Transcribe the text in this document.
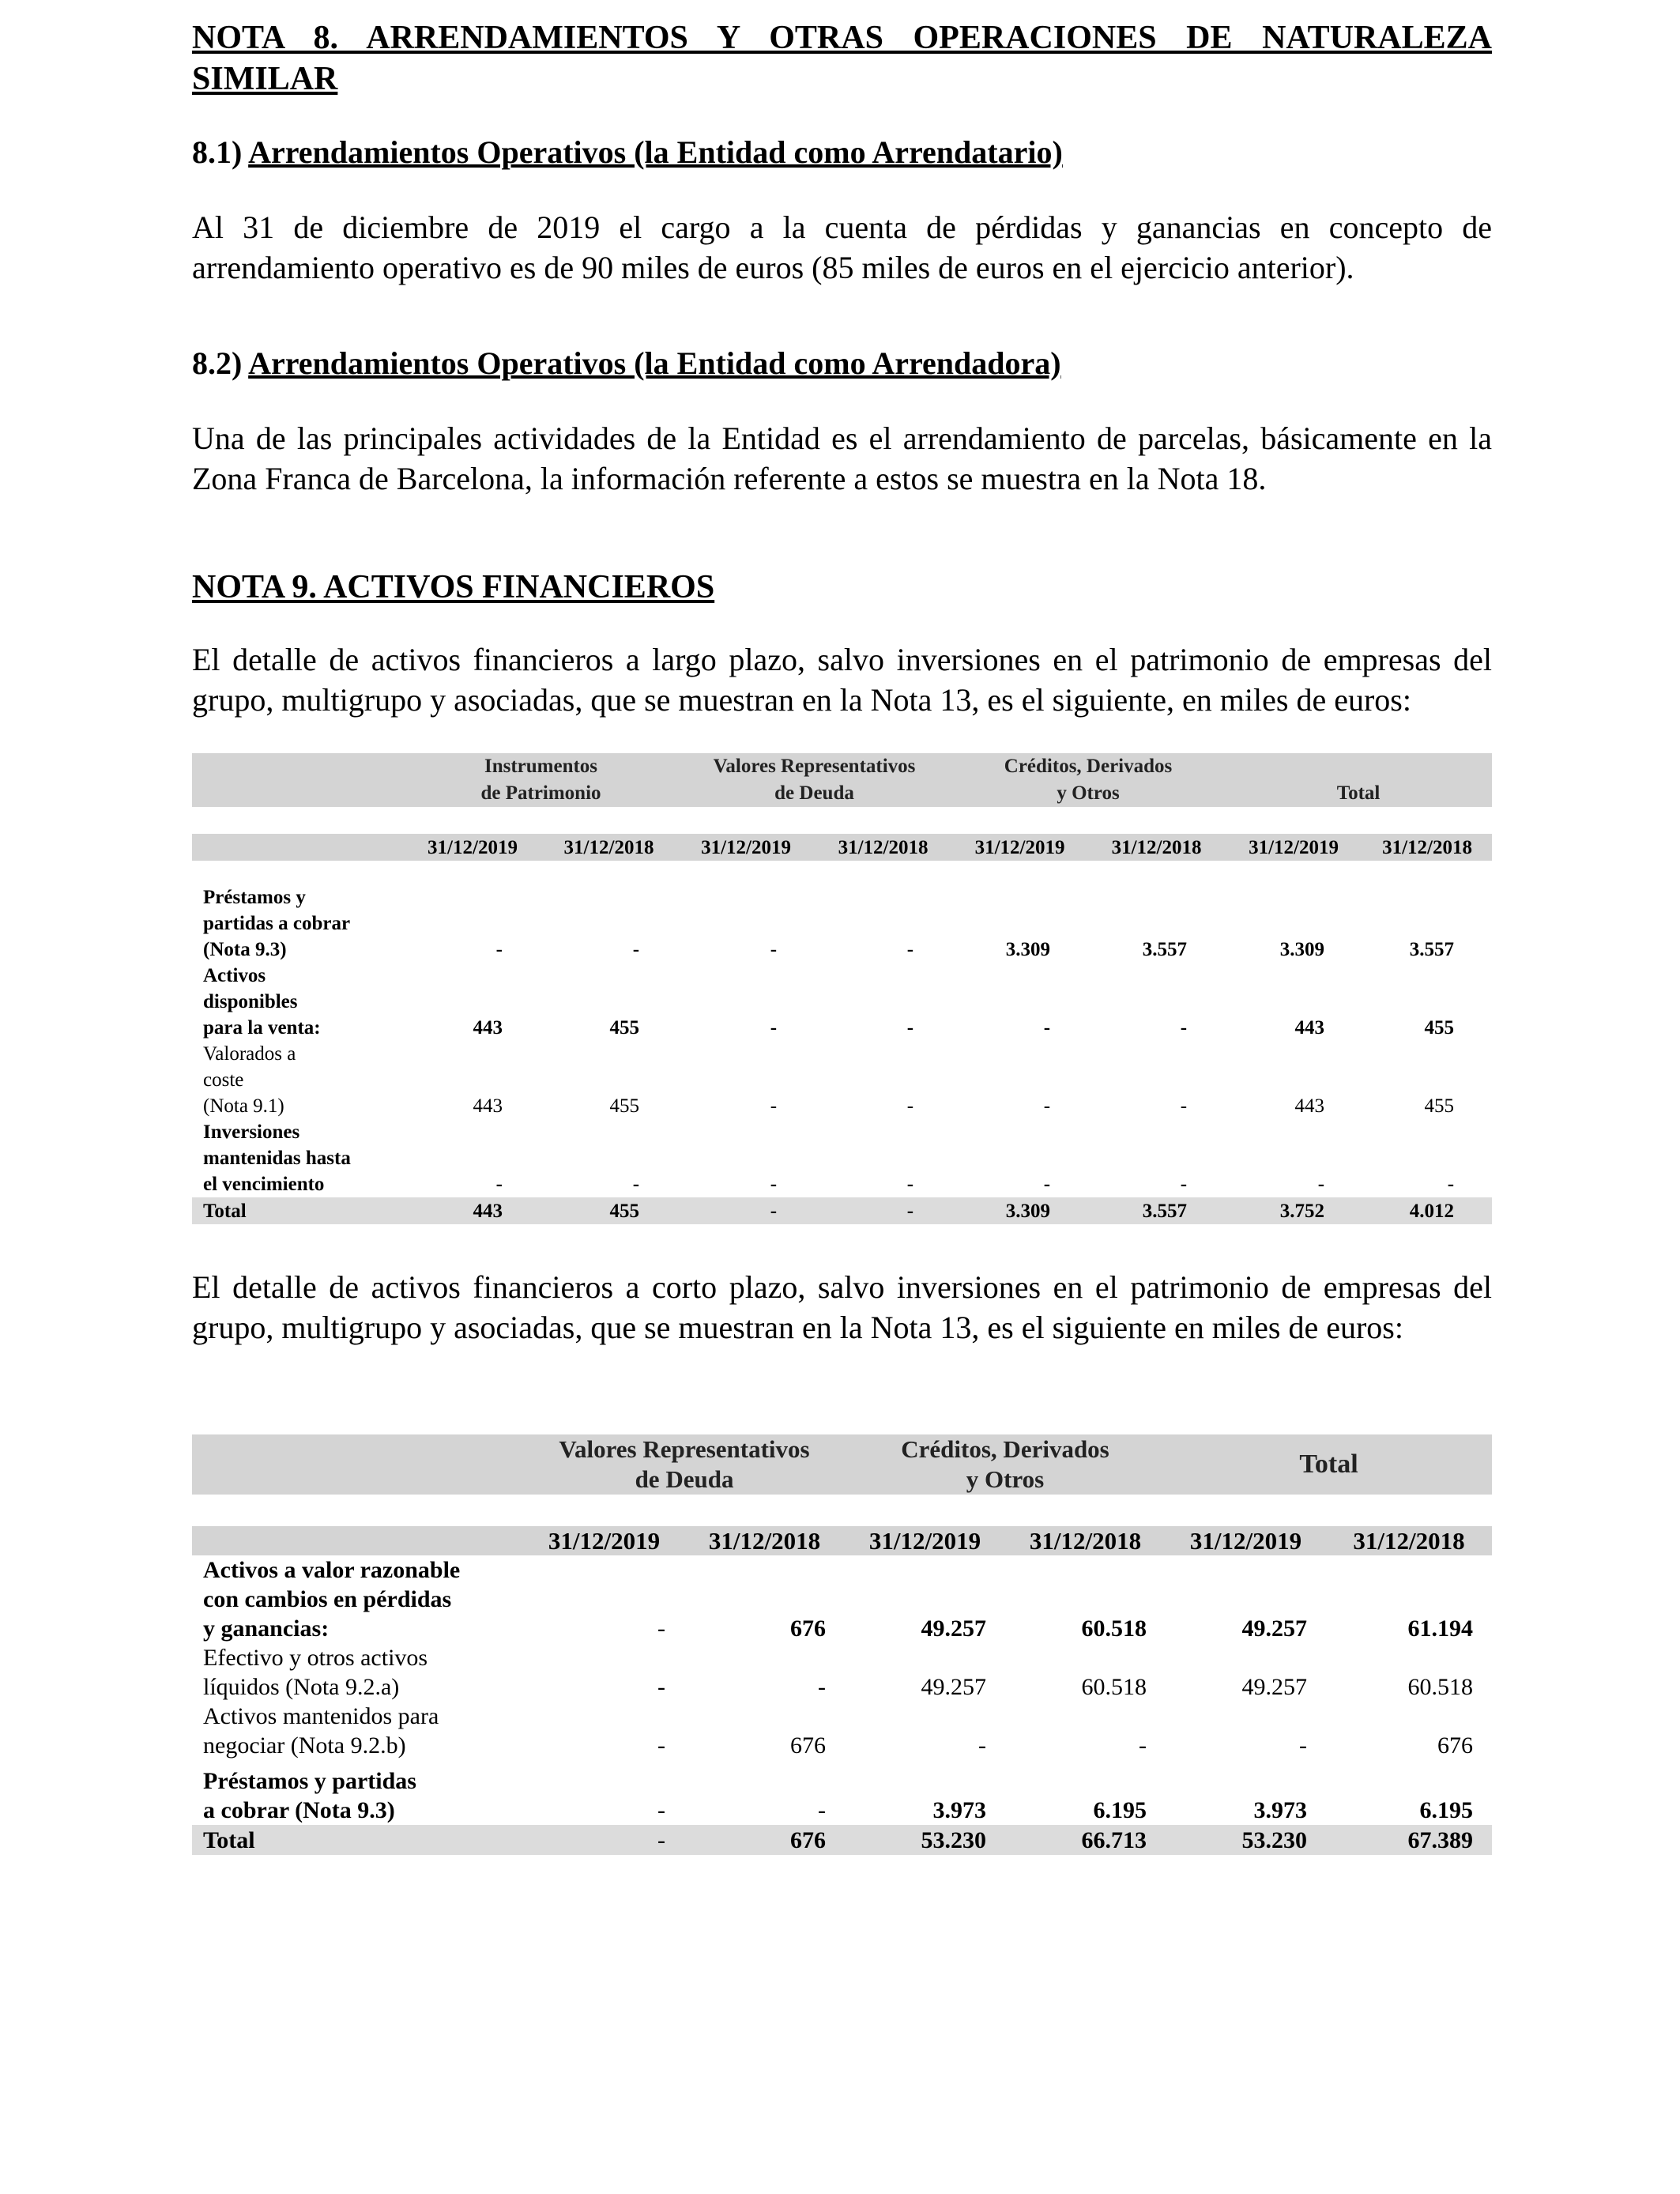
NOTA 8. ARRENDAMIENTOS Y OTRAS OPERACIONES DE NATURALEZA SIMILAR
8.1) Arrendamientos Operativos (la Entidad como Arrendatario)

Al 31 de diciembre de 2019 el cargo a la cuenta de pérdidas y ganancias en concepto de arrendamiento operativo es de 90 miles de euros (85 miles de euros en el ejercicio anterior).

8.2) Arrendamientos Operativos (la Entidad como Arrendadora)

Una de las principales actividades de la Entidad es el arrendamiento de parcelas, básicamente en la Zona Franca de Barcelona, la información referente a estos se muestra en la Nota 18.

NOTA 9. ACTIVOS FINANCIEROS

El detalle de activos financieros a largo plazo, salvo inversiones en el patrimonio de empresas del grupo, multigrupo y asociadas, que se muestran en la Nota 13, es el siguiente, en miles de euros:

	Instrumentos
de Patrimonio		Valores Representativos
de Deuda		Créditos, Derivados
y Otros		Total	

	31/12/2019	31/12/2018	31/12/2019	31/12/2018	31/12/2019	31/12/2018	31/12/2019	31/12/2018

Préstamos y
partidas a cobrar
(Nota 9.3)	-	-	-	-	3.309	3.557	3.309	3.557
Activos
disponibles
para la venta:	443	455	-	-	-	-	443	455
Valorados a
coste
(Nota 9.1)	443	455	-	-	-	-	443	455
Inversiones
mantenidas hasta
el vencimiento	-	-	-	-	-	-	-	-
Total	443	455	-	-	3.309	3.557	3.752	4.012

El detalle de activos financieros a corto plazo, salvo inversiones en el patrimonio de empresas del grupo, multigrupo y asociadas, que se muestran en la Nota 13, es el siguiente en miles de euros:

	Valores Representativos
de Deuda		Créditos, Derivados
y Otros		Total	

	31/12/2019	31/12/2018	31/12/2019	31/12/2018	31/12/2019	31/12/2018
Activos a valor razonable
con cambios en pérdidas
y ganancias:	-	676	49.257	60.518	49.257	61.194
Efectivo y otros activos
líquidos (Nota 9.2.a)	-	-	49.257	60.518	49.257	60.518
Activos mantenidos para
negociar (Nota 9.2.b)	-	676	-	-	-	676
Préstamos y partidas
a cobrar (Nota 9.3)	-	-	3.973	6.195	3.973	6.195
Total	-	676	53.230	66.713	53.230	67.389
